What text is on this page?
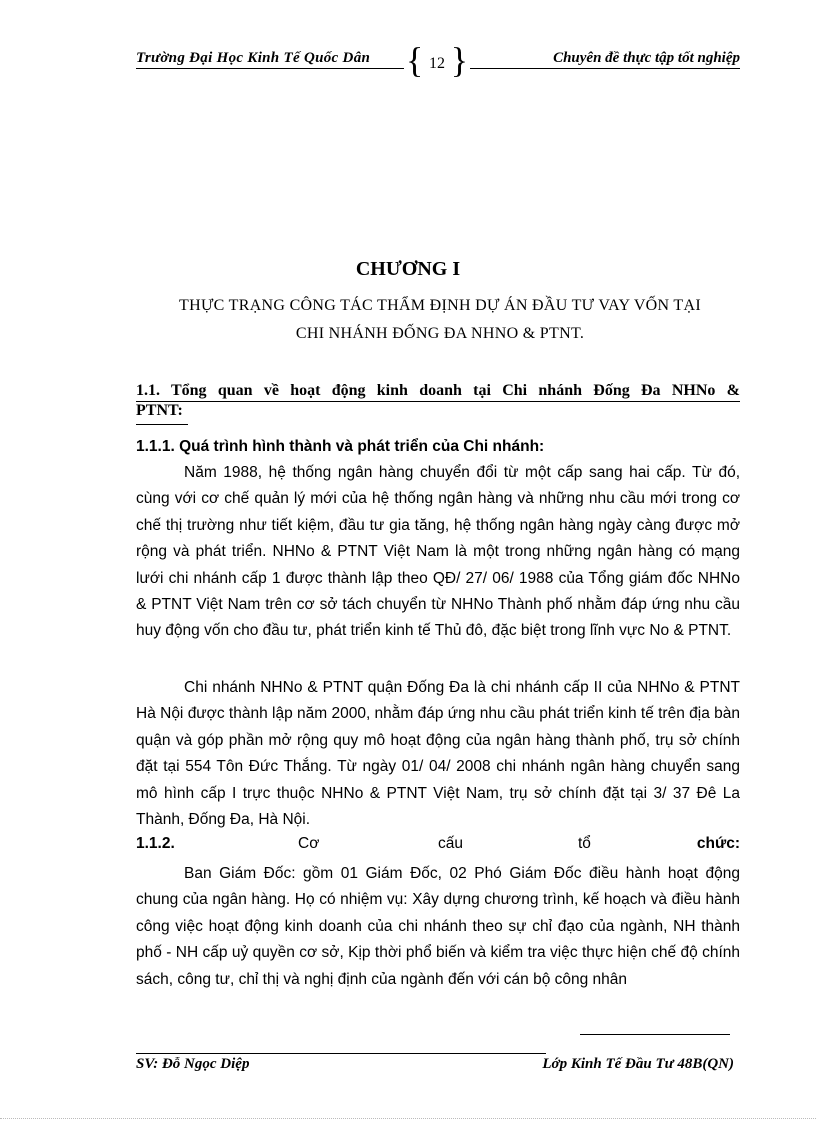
Trường Đại Học Kinh Tế Quốc Dân { 12 }	Chuyên đề thực tập tốt nghiệp
CHƯƠNG I
THỰC TRẠNG CÔNG TÁC THẨM ĐỊNH DỰ ÁN ĐẦU TƯ VAY VỐN TẠI
CHI NHÁNH ĐỐNG ĐA NHNO & PTNT.
1.1. Tổng quan về hoạt động kinh doanh tại Chi nhánh Đống Đa NHNo &
PTNT:
1.1.1. Quá trình hình thành và phát triển của Chi nhánh:
Năm 1988, hệ thống ngân hàng chuyển đổi từ một cấp sang hai cấp. Từ đó, cùng với cơ chế quản lý mới của hệ thống ngân hàng và những nhu cầu mới trong cơ chế thị trường như tiết kiệm, đầu tư gia tăng, hệ thống ngân hàng ngày càng được mở rộng và phát triển. NHNo & PTNT Việt Nam là một trong những ngân hàng có mạng lưới chi nhánh cấp 1 được thành lập theo QĐ/ 27/ 06/ 1988 của Tổng giám đốc NHNo & PTNT Việt Nam trên cơ sở tách chuyển từ NHNo Thành phố nhằm đáp ứng nhu cầu huy động vốn cho đầu tư, phát triển kinh tế Thủ đô, đặc biệt trong lĩnh vực No & PTNT.
Chi nhánh NHNo & PTNT quận Đống Đa là chi nhánh cấp II của NHNo & PTNT Hà Nội được thành lập năm 2000, nhằm đáp ứng nhu cầu phát triển kinh tế trên địa bàn quận và góp phần mở rộng quy mô hoạt động của ngân hàng thành phố, trụ sở chính đặt tại 554 Tôn Đức Thắng. Từ ngày 01/ 04/ 2008 chi nhánh ngân hàng chuyển sang mô hình cấp I trực thuộc NHNo & PTNT Việt Nam, trụ sở chính đặt tại 3/ 37 Đê La Thành, Đống Đa, Hà Nội.
1.1.2.	Cơ	cấu	tổ	chức:
Ban Giám Đốc: gồm 01 Giám Đốc, 02 Phó Giám Đốc điều hành hoạt động chung của ngân hàng. Họ có nhiệm vụ: Xây dựng chương trình, kế hoạch và điều hành công việc hoạt động kinh doanh của chi nhánh theo sự chỉ đạo của ngành, NH thành phố - NH cấp uỷ quyền cơ sở, Kịp thời phổ biến và kiểm tra việc thực hiện chế độ chính sách, công tư, chỉ thị và nghị định của ngành đến với cán bộ công nhân
SV: Đỗ Ngọc Diệp	Lớp Kinh Tế Đầu Tư 48B(QN)
